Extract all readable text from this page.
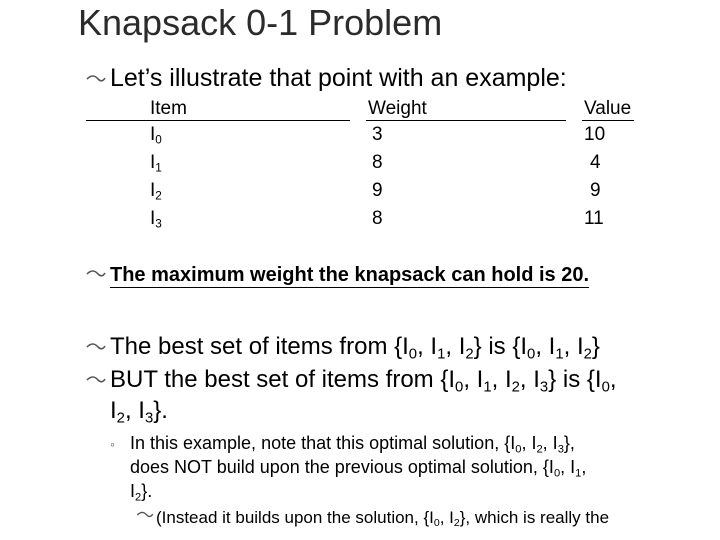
Knapsack 0-1 Problem
Let’s illustrate that point with an example:
Item	Weight	Value
$I_0$	3	10
$I_1$	8	4
$I_2$	9	9
$I_3$	8	11
The maximum weight the knapsack can hold is 20.
The best set of items from {$I_0$, $I_1$, $I_2$} is {$I_0$, $I_1$, $I_2$}
BUT the best set of items from {$I_0$, $I_1$, $I_2$, $I_3$} is {$I_0$,
$I_2$, $I_3$}.
◦ In this example, note that this optimal solution, {$I_0$, $I_2$, $I_3$},
does NOT build upon the previous optimal solution, {$I_0$, $I_1$,
$I_2$}.
(Instead it builds upon the solution, {$I_0$, $I_2$}, which is really the
